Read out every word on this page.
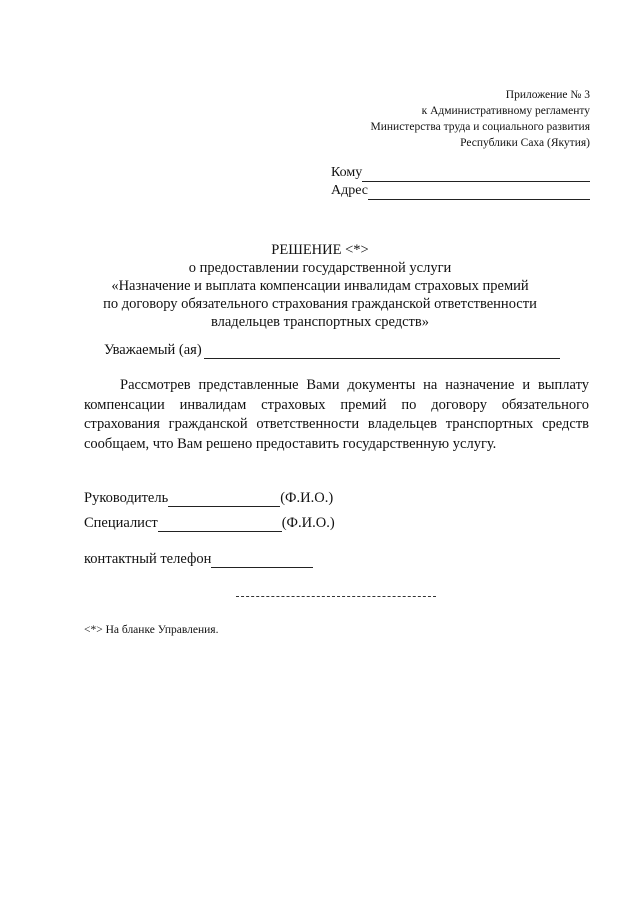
Приложение № 3
к Административному регламенту
Министерства труда и социального развития
Республики Саха (Якутия)
Кому
Адрес
РЕШЕНИЕ <*>
о предоставлении государственной услуги
«Назначение и выплата компенсации инвалидам страховых премий
по договору обязательного страхования гражданской ответственности
владельцев транспортных средств»
Уважаемый (ая)
Рассмотрев представленные Вами документы на назначение и выплату компенсации инвалидам страховых премий по договору обязательного страхования гражданской ответственности владельцев транспортных средств сообщаем, что Вам решено предоставить государственную услугу.
Руководитель	(Ф.И.О.)
Специалист	(Ф.И.О.)
контактный телефон
<*> На бланке Управления.
